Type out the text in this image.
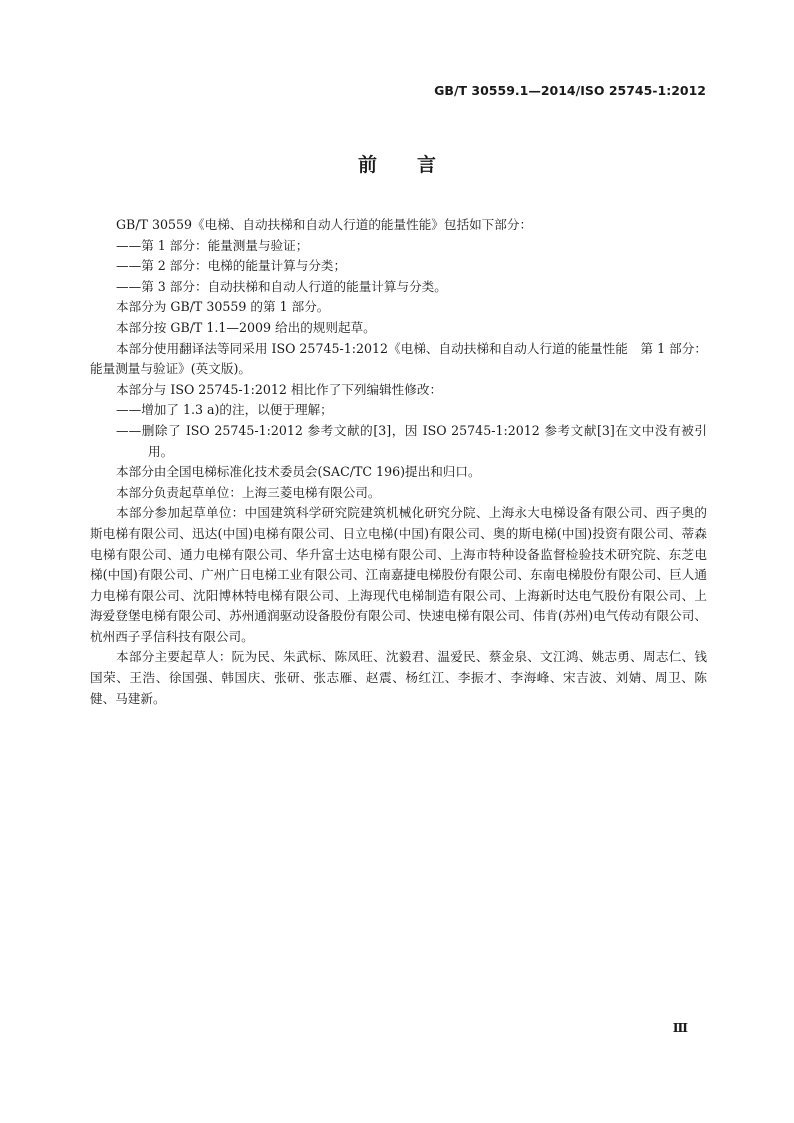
GB/T 30559.1—2014/ISO 25745-1:2012
前言

GB/T 30559《电梯、自动扶梯和自动人行道的能量性能》包括如下部分：

——第 1 部分：能量测量与验证；

——第 2 部分：电梯的能量计算与分类；

——第 3 部分：自动扶梯和自动人行道的能量计算与分类。

本部分为 GB/T 30559 的第 1 部分。

本部分按 GB/T 1.1—2009 给出的规则起草。

本部分使用翻译法等同采用 ISO 25745-1:2012《电梯、自动扶梯和自动人行道的能量性能　第 1 部分：能量测量与验证》(英文版)。

本部分与 ISO 25745-1:2012 相比作了下列编辑性修改：

——增加了 1.3 a)的注，以便于理解；

——删除了 ISO 25745-1:2012 参考文献的[3]，因 ISO 25745-1:2012 参考文献[3]在文中没有被引用。

本部分由全国电梯标准化技术委员会(SAC/TC 196)提出和归口。

本部分负责起草单位：上海三菱电梯有限公司。

本部分参加起草单位：中国建筑科学研究院建筑机械化研究分院、上海永大电梯设备有限公司、西子奥的斯电梯有限公司、迅达(中国)电梯有限公司、日立电梯(中国)有限公司、奥的斯电梯(中国)投资有限公司、蒂森电梯有限公司、通力电梯有限公司、华升富士达电梯有限公司、上海市特种设备监督检验技术研究院、东芝电梯(中国)有限公司、广州广日电梯工业有限公司、江南嘉捷电梯股份有限公司、东南电梯股份有限公司、巨人通力电梯有限公司、沈阳博林特电梯有限公司、上海现代电梯制造有限公司、上海新时达电气股份有限公司、上海爱登堡电梯有限公司、苏州通润驱动设备股份有限公司、快速电梯有限公司、伟肯(苏州)电气传动有限公司、杭州西子孚信科技有限公司。

本部分主要起草人：阮为民、朱武标、陈凤旺、沈毅君、温爱民、蔡金泉、文江鸿、姚志勇、周志仁、钱国荣、王浩、徐国强、韩国庆、张研、张志雁、赵震、杨红江、李振才、李海峰、宋吉波、刘婧、周卫、陈健、马建新。

Ⅲ
